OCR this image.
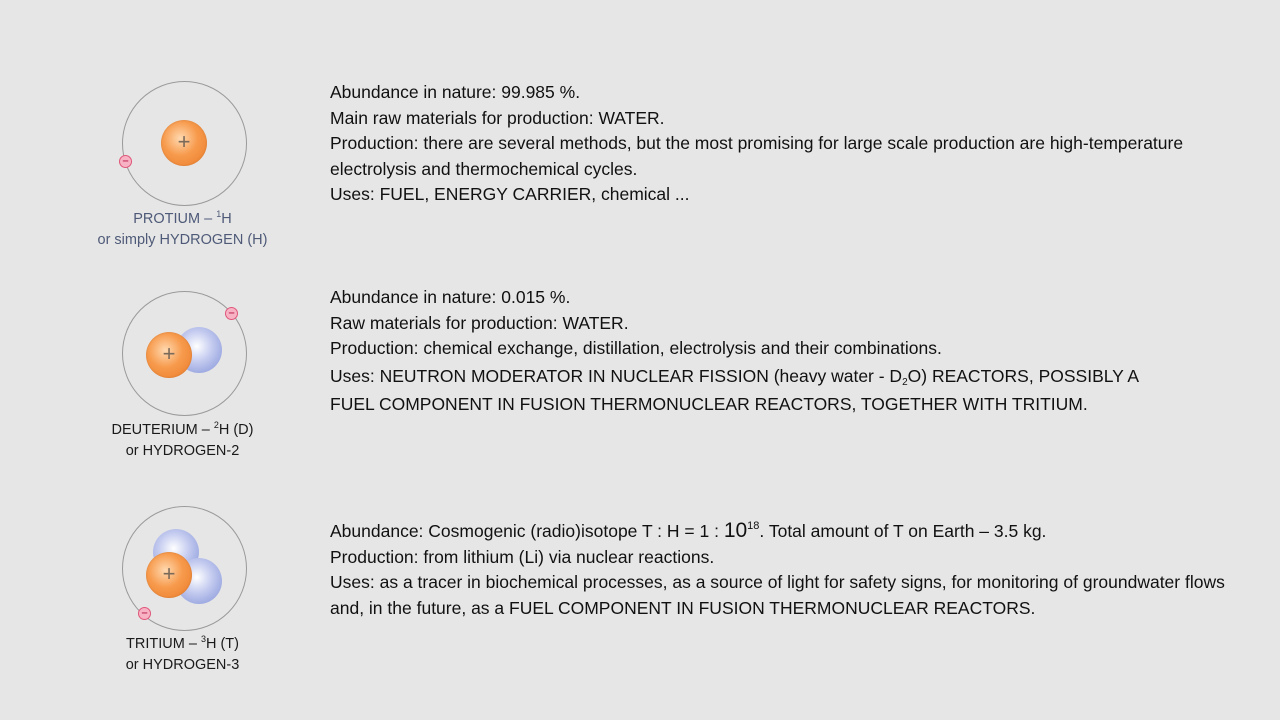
+
–
PROTIUM – $^1$H
or simply HYDROGEN (H)

Abundance in nature: 99.985 %.

Main raw materials for production: WATER.

Production: there are several methods, but the most promising for large scale production are high-temperature electrolysis and thermochemical cycles.

Uses: FUEL, ENERGY CARRIER, chemical ...

+
–
DEUTERIUM – $^2$H (D)
or HYDROGEN-2

Abundance in nature: 0.015 %.

Raw materials for production: WATER.

Production: chemical exchange, distillation, electrolysis and their combinations.

Uses: NEUTRON MODERATOR IN NUCLEAR FISSION (heavy water - $D_2O$) REACTORS, POSSIBLY A FUEL COMPONENT IN FUSION THERMONUCLEAR REACTORS, TOGETHER WITH TRITIUM.

+
–
TRITIUM – $^3$H (T)
or HYDROGEN-3

Abundance: Cosmogenic (radio)isotope T : H = 1 : $10^{18}$. Total amount of T on Earth – 3.5 kg.

Production: from lithium (Li) via nuclear reactions.

Uses: as a tracer in biochemical processes, as a source of light for safety signs, for monitoring of groundwater flows and, in the future, as a FUEL COMPONENT IN FUSION THERMONUCLEAR REACTORS.
